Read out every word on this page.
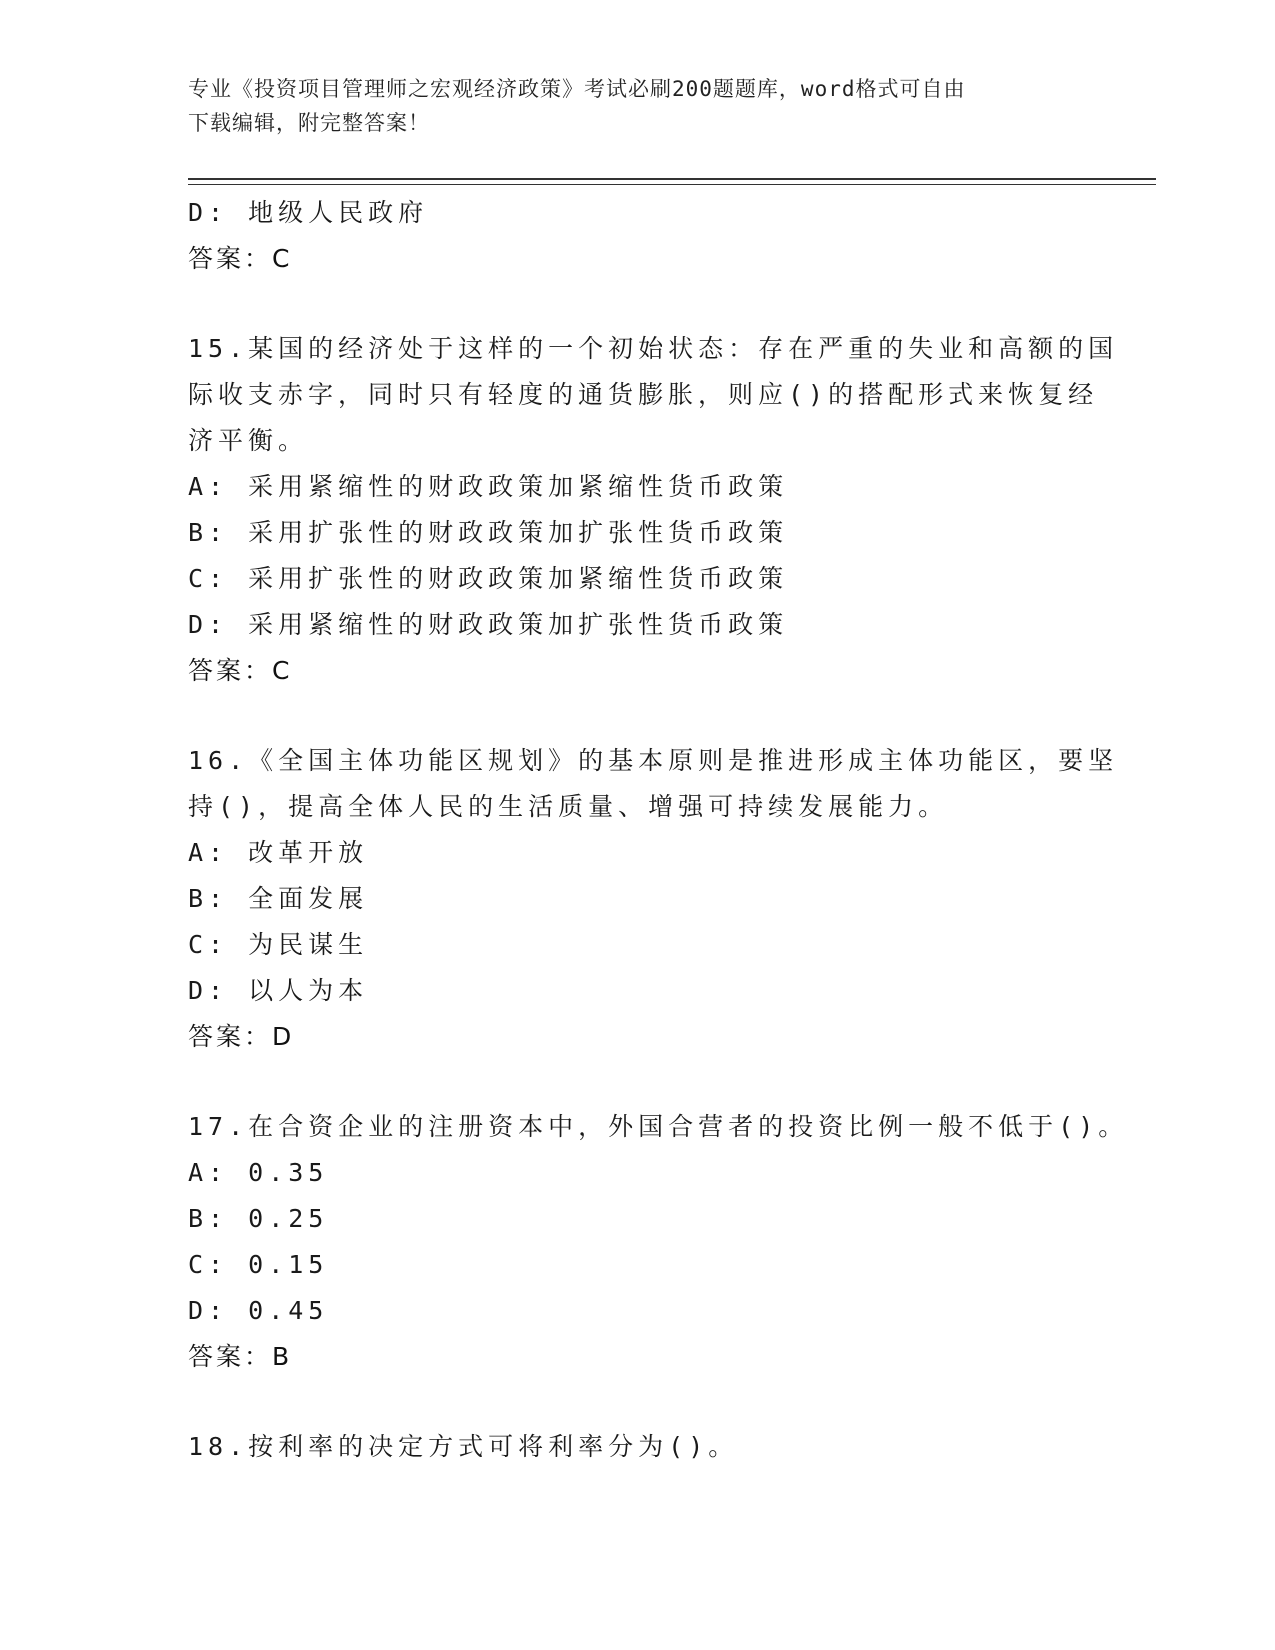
专业《投资项目管理师之宏观经济政策》考试必刷200题题库，word格式可自由
下载编辑，附完整答案！
D: 地级人民政府
答案：C
15.某国的经济处于这样的一个初始状态：存在严重的失业和高额的国
际收支赤字，同时只有轻度的通货膨胀，则应()的搭配形式来恢复经
济平衡。
A: 采用紧缩性的财政政策加紧缩性货币政策
B: 采用扩张性的财政政策加扩张性货币政策
C: 采用扩张性的财政政策加紧缩性货币政策
D: 采用紧缩性的财政政策加扩张性货币政策
答案：C
16.《全国主体功能区规划》的基本原则是推进形成主体功能区，要坚
持()，提高全体人民的生活质量、增强可持续发展能力。
A: 改革开放
B: 全面发展
C: 为民谋生
D: 以人为本
答案：D
17.在合资企业的注册资本中，外国合营者的投资比例一般不低于()。
A: 0.35
B: 0.25
C: 0.15
D: 0.45
答案：B
18.按利率的决定方式可将利率分为()。
